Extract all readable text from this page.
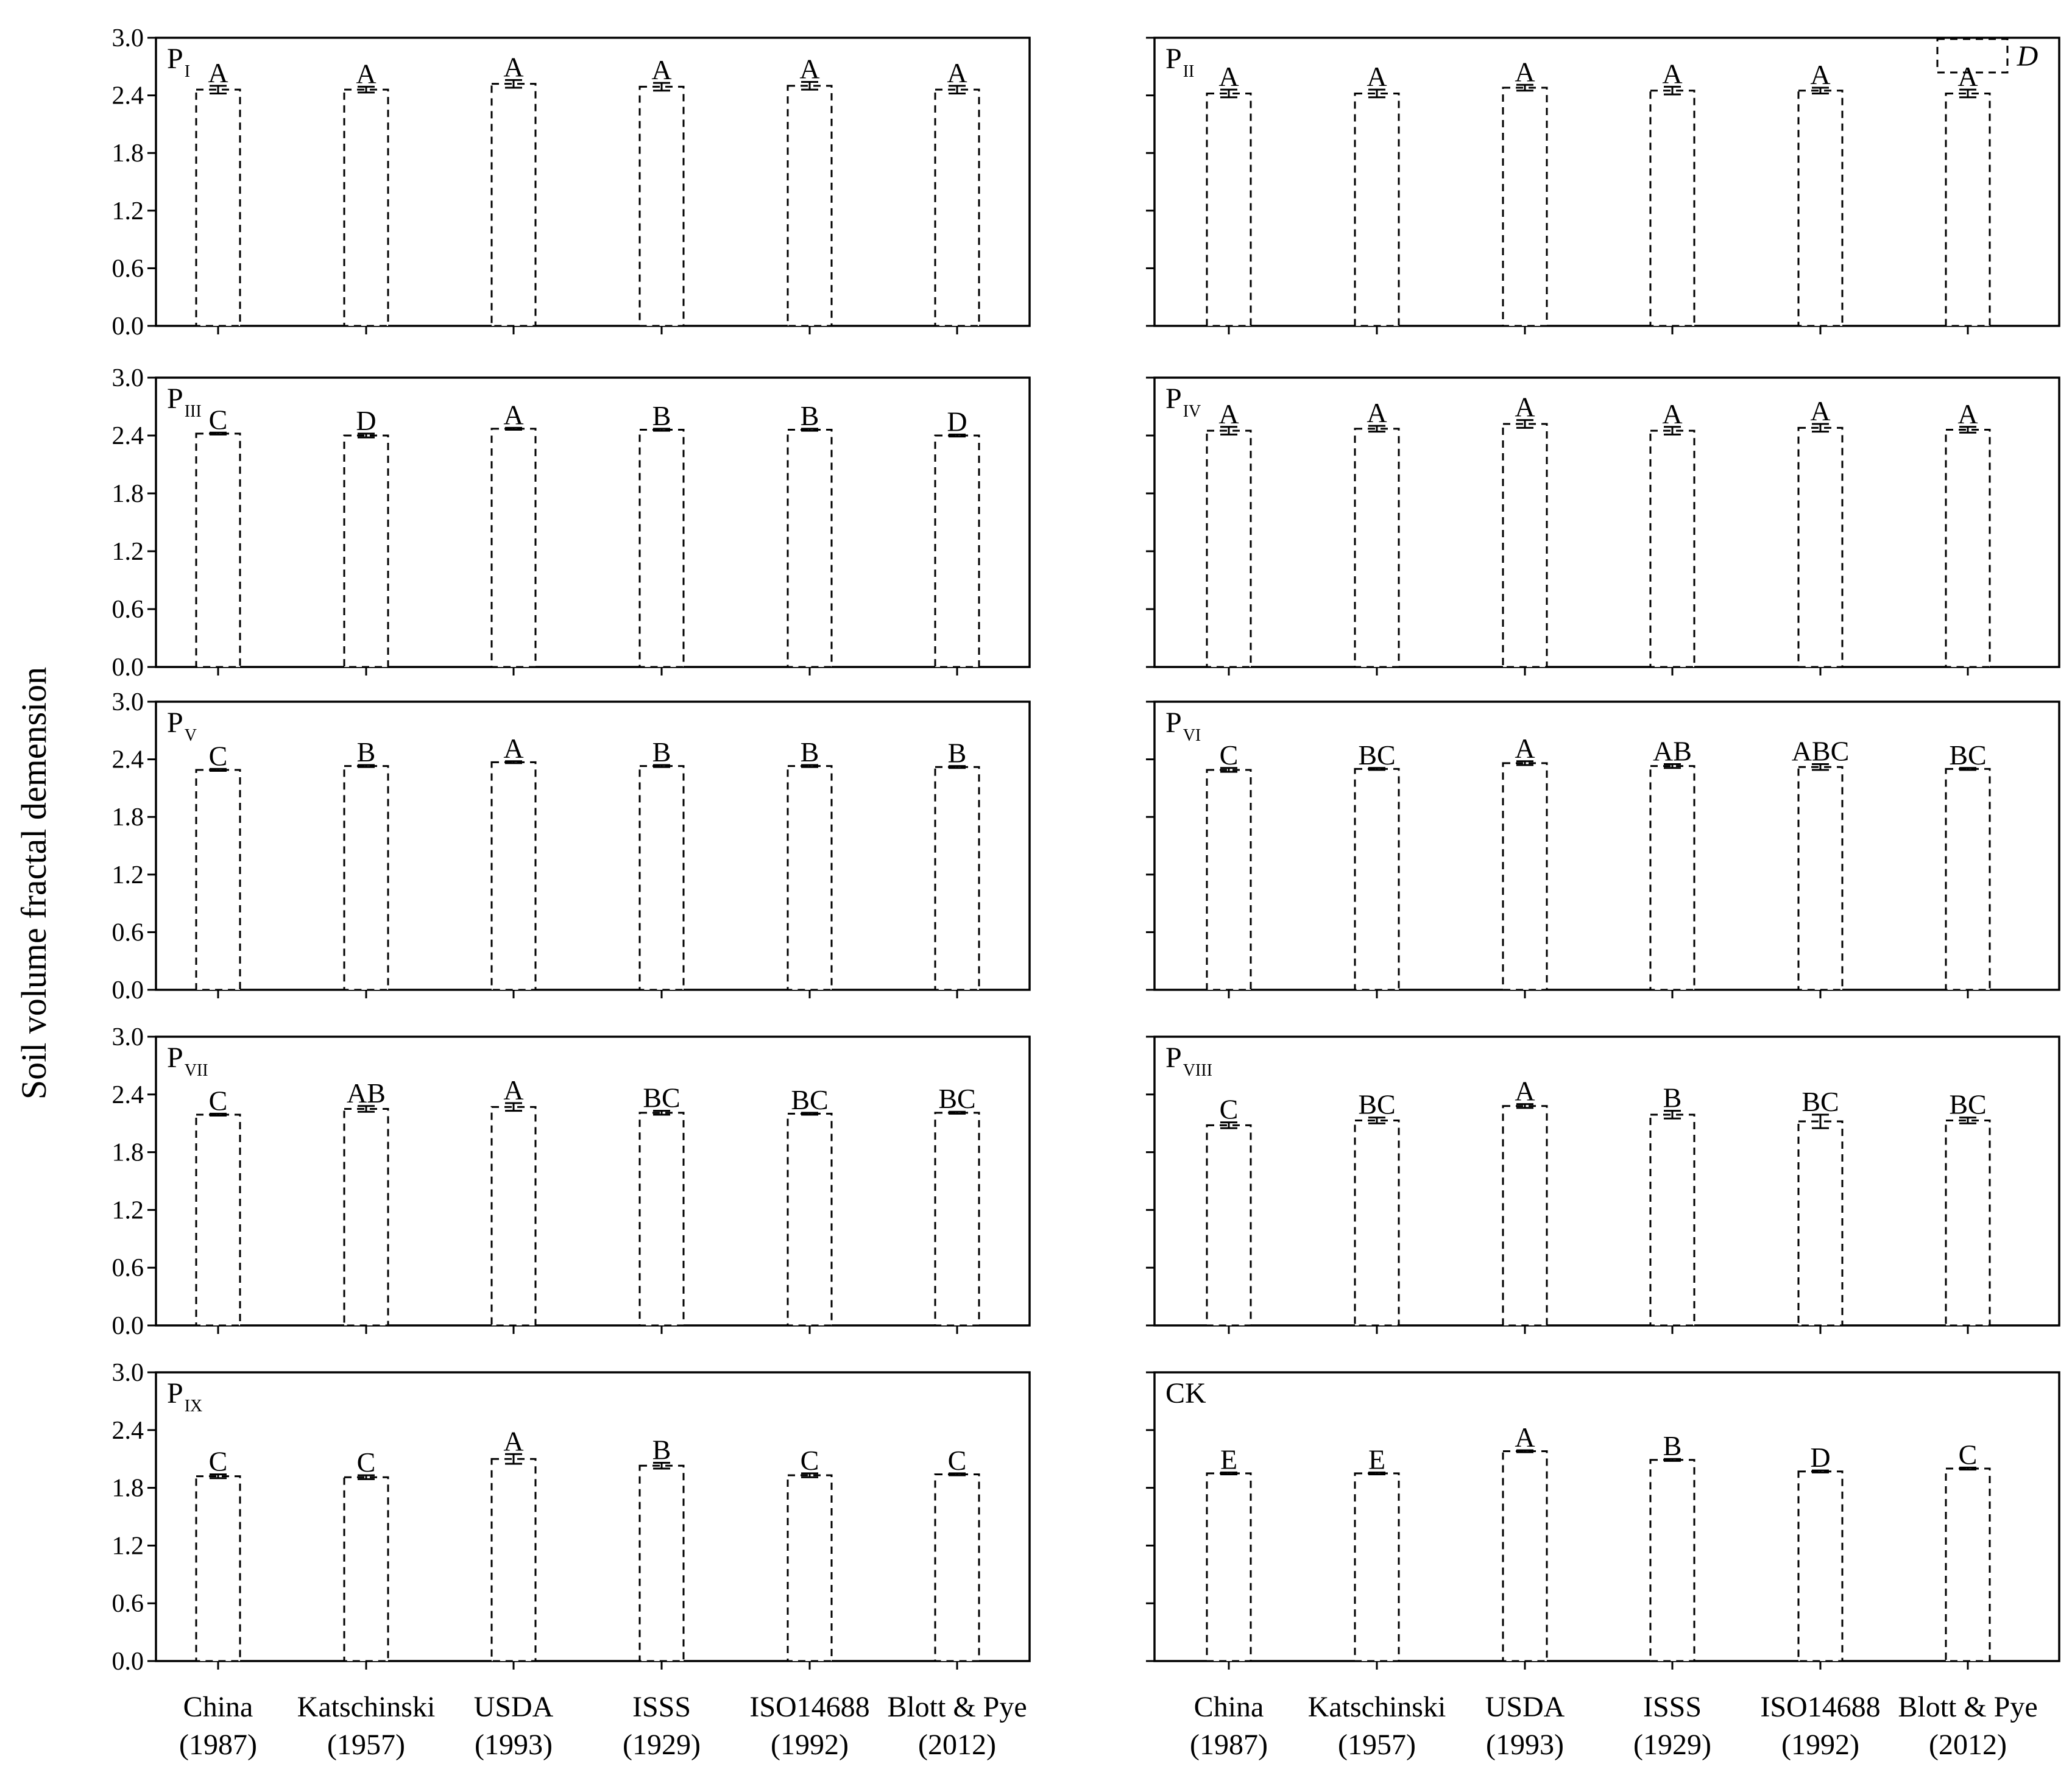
Soil volume fractal demension
0.0
0.6
1.2
1.8
2.4
3.0
$P_I$ A	A	A	A	A	A	$P_{II}$ A	A	A	A	A	A
0.0
0.6
1.2
1.8
2.4
3.0
$P_{III}$ C	D	A	B	B	D
$P_{IV}$ A	A	A	A	A	A
0.0
0.6
1.2
1.8
2.4
3.0
$P_V$
C	B	A	B	B	B
$P_{VI}$
C	BC	A	AB	ABC	BC
0.0
0.6
1.2
1.8
2.4
3.0
$P_{VII}$
C	AB	A	BC	BC	BC
$P_{VIII}$
C	BC	A	B	BC	BC
0.0
0.6
1.2
1.8
2.4
3.0
$P_{IX}$
C	C
A	B	C	C
CK
E	E
A	B	D	C
D
China
(1987)
Katschinski
(1957)
USDA
(1993)
ISSS
(1929)
ISO14688
(1992)
Blott & Pye
(2012)
China
(1987)
Katschinski
(1957)
USDA
(1993)
ISSS
(1929)
ISO14688
(1992)
Blott & Pye
(2012)
